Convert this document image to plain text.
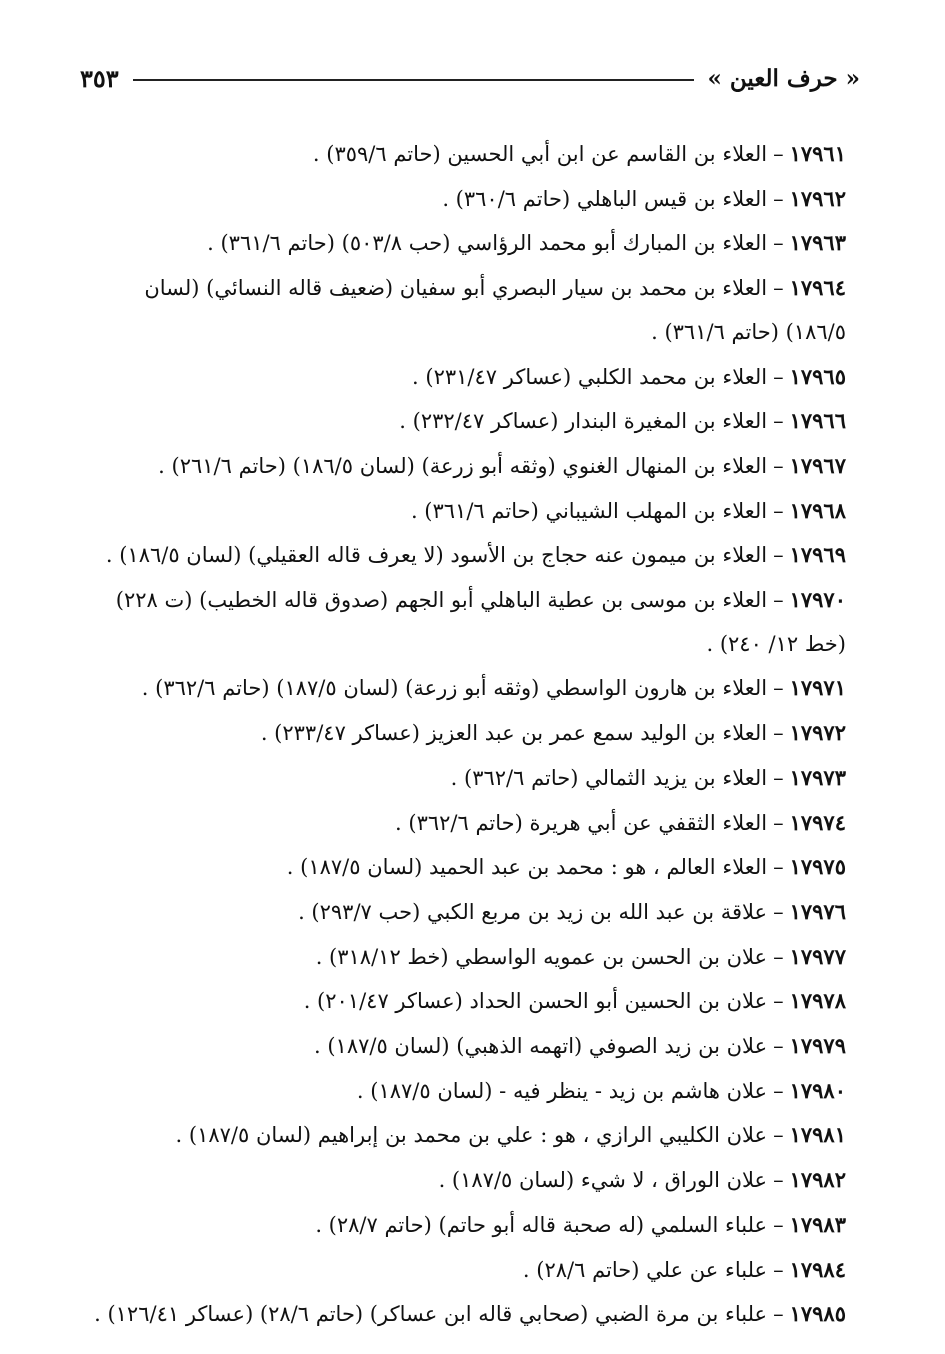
« حرف العين »
٣٥٣
١٧٩٦١–العلاء بن القاسم عن ابن أبي الحسين (حاتم ٣٥٩/٦) .
١٧٩٦٢–العلاء بن قيس الباهلي (حاتم ٣٦٠/٦) .
١٧٩٦٣–العلاء بن المبارك أبو محمد الرؤاسي (حب ٥٠٣/٨) (حاتم ٣٦١/٦) .
١٧٩٦٤–العلاء بن محمد بن سيار البصري أبو سفيان (ضعيف قاله النسائي) (لسان ١٨٦/٥) (حاتم ٣٦١/٦) .
١٧٩٦٥–العلاء بن محمد الكلبي (عساكر ٢٣١/٤٧) .
١٧٩٦٦–العلاء بن المغيرة البندار (عساكر ٢٣٢/٤٧) .
١٧٩٦٧–العلاء بن المنهال الغنوي (وثقه أبو زرعة) (لسان ١٨٦/٥) (حاتم ٢٦١/٦) .
١٧٩٦٨–العلاء بن المهلب الشيباني (حاتم ٣٦١/٦) .
١٧٩٦٩–العلاء بن ميمون عنه حجاج بن الأسود (لا يعرف قاله العقيلي) (لسان ١٨٦/٥) .
١٧٩٧٠–العلاء بن موسى بن عطية الباهلي أبو الجهم (صدوق قاله الخطيب) (ت ٢٢٨) (خط ١٢/ ٢٤٠) .
١٧٩٧١–العلاء بن هارون الواسطي (وثقه أبو زرعة) (لسان ١٨٧/٥) (حاتم ٣٦٢/٦) .
١٧٩٧٢–العلاء بن الوليد سمع عمر بن عبد العزيز (عساكر ٢٣٣/٤٧) .
١٧٩٧٣–العلاء بن يزيد الثمالي (حاتم ٣٦٢/٦) .
١٧٩٧٤–العلاء الثقفي عن أبي هريرة (حاتم ٣٦٢/٦) .
١٧٩٧٥–العلاء العالم ، هو : محمد بن عبد الحميد (لسان ١٨٧/٥) .
١٧٩٧٦–علاقة بن عبد الله بن زيد بن مربع الكبي (حب ٢٩٣/٧) .
١٧٩٧٧–علان بن الحسن بن عمويه الواسطي (خط ٣١٨/١٢) .
١٧٩٧٨–علان بن الحسين أبو الحسن الحداد (عساكر ٢٠١/٤٧) .
١٧٩٧٩–علان بن زيد الصوفي (اتهمه الذهبي) (لسان ١٨٧/٥) .
١٧٩٨٠–علان هاشم بن زيد - ينظر فيه - (لسان ١٨٧/٥) .
١٧٩٨١–علان الكليبي الرازي ، هو : علي بن محمد بن إبراهيم (لسان ١٨٧/٥) .
١٧٩٨٢–علان الوراق ، لا شيء (لسان ١٨٧/٥) .
١٧٩٨٣–علباء السلمي (له صحبة قاله أبو حاتم) (حاتم ٢٨/٧) .
١٧٩٨٤–علباء عن علي (حاتم ٢٨/٦) .
١٧٩٨٥–علباء بن مرة الضبي (صحابي قاله ابن عساكر) (حاتم ٢٨/٦) (عساكر ١٢٦/٤١) .
